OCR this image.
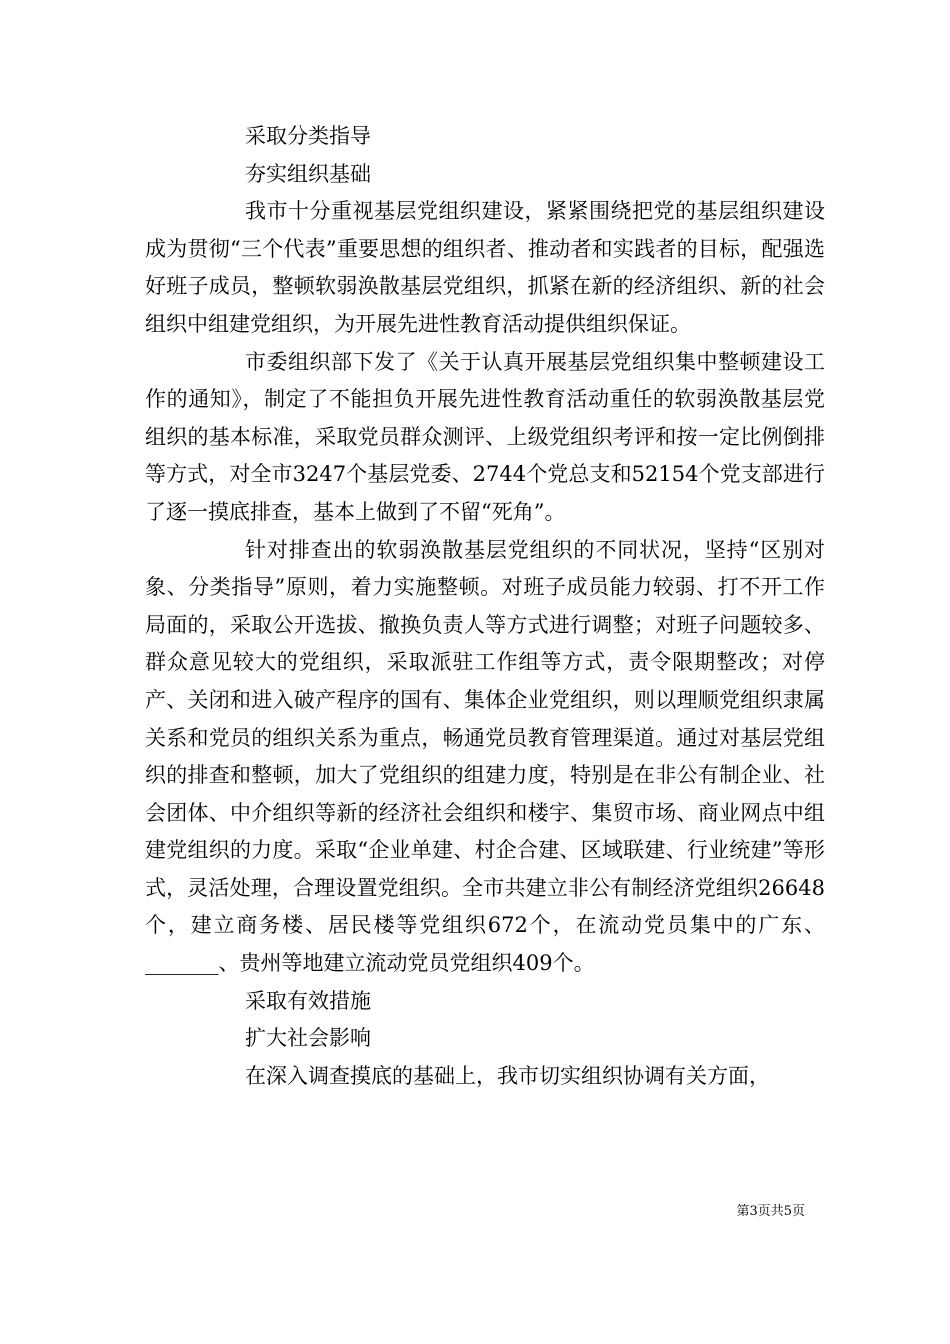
采取分类指导

夯实组织基础

我市十分重视基层党组织建设，紧紧围绕把党的基层组织建设成为贯彻“三个代表”重要思想的组织者、推动者和实践者的目标，配强选好班子成员，整顿软弱涣散基层党组织，抓紧在新的经济组织、新的社会组织中组建党组织，为开展先进性教育活动提供组织保证。

市委组织部下发了《关于认真开展基层党组织集中整顿建设工作的通知》，制定了不能担负开展先进性教育活动重任的软弱涣散基层党组织的基本标准，采取党员群众测评、上级党组织考评和按一定比例倒排等方式，对全市3247个基层党委、2744个党总支和52154个党支部进行了逐一摸底排查，基本上做到了不留“死角”。

针对排查出的软弱涣散基层党组织的不同状况，坚持“区别对象、分类指导”原则，着力实施整顿。对班子成员能力较弱、打不开工作局面的，采取公开选拔、撤换负责人等方式进行调整；对班子问题较多、群众意见较大的党组织，采取派驻工作组等方式，责令限期整改；对停产、关闭和进入破产程序的国有、集体企业党组织，则以理顺党组织隶属关系和党员的组织关系为重点，畅通党员教育管理渠道。通过对基层党组织的排查和整顿，加大了党组织的组建力度，特别是在非公有制企业、社会团体、中介组织等新的经济社会组织和楼宇、集贸市场、商业网点中组建党组织的力度。采取“企业单建、村企合建、区域联建、行业统建”等形式，灵活处理，合理设置党组织。全市共建立非公有制经济党组织26648个，建立商务楼、居民楼等党组织672个，在流动党员集中的广东、_______、贵州等地建立流动党员党组织409个。

采取有效措施

扩大社会影响

在深入调查摸底的基础上，我市切实组织协调有关方面，

第3页共5页
